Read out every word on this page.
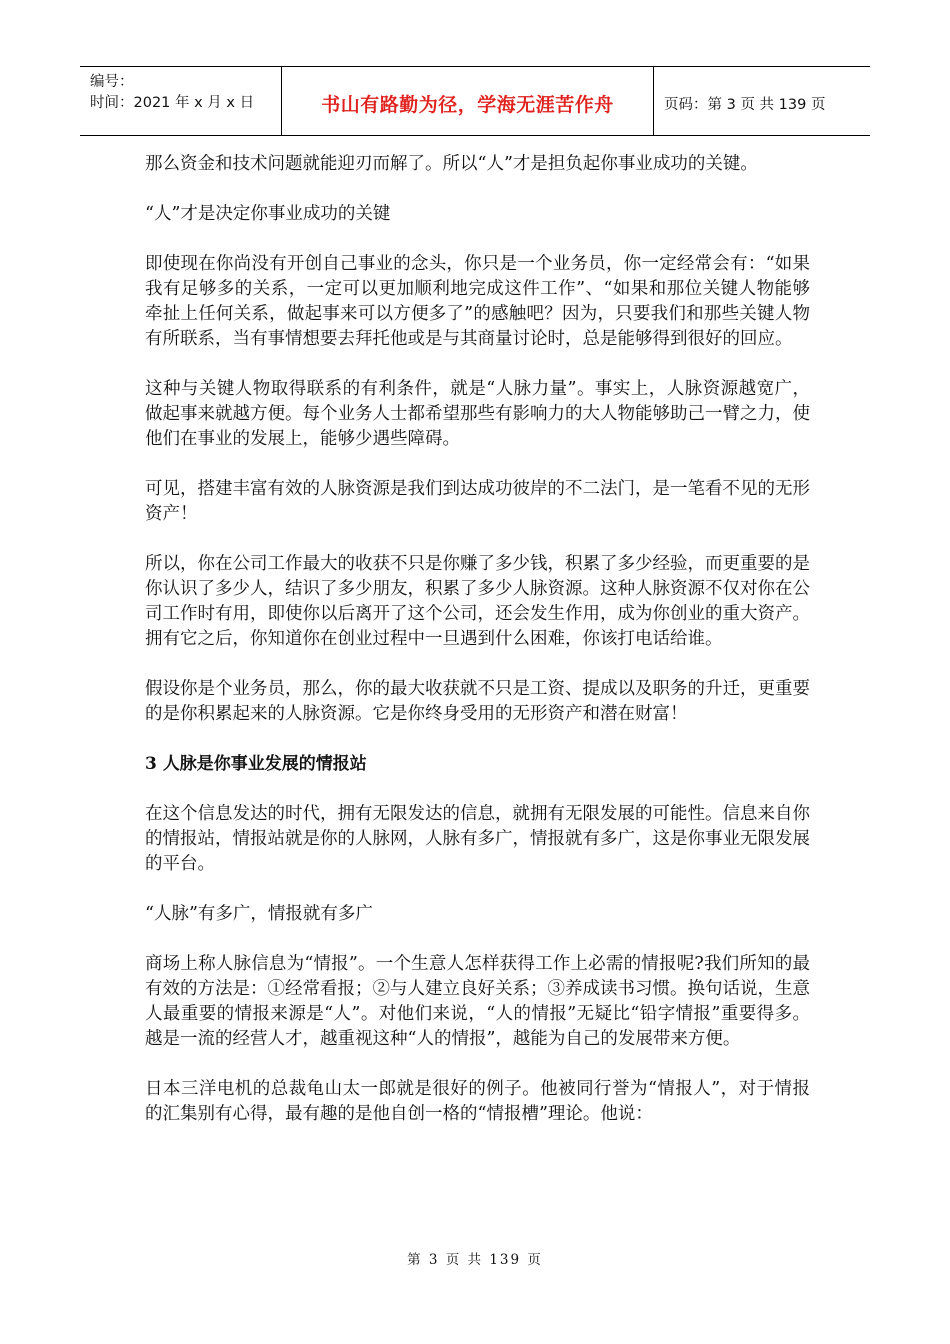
编号：
时间：2021 年 x 月 x 日	书山有路勤为径，学海无涯苦作舟	页码：第 3 页 共 139 页

那么资金和技术问题就能迎刃而解了。所以“人”才是担负起你事业成功的关键。

“人”才是决定你事业成功的关键

即使现在你尚没有开创自己事业的念头，你只是一个业务员，你一定经常会有：“如果我有足够多的关系，一定可以更加顺利地完成这件工作”、“如果和那位关键人物能够牵扯上任何关系，做起事来可以方便多了”的感触吧？因为，只要我们和那些关键人物有所联系，当有事情想要去拜托他或是与其商量讨论时，总是能够得到很好的回应。

这种与关键人物取得联系的有利条件，就是“人脉力量”。事实上，人脉资源越宽广，做起事来就越方便。每个业务人士都希望那些有影响力的大人物能够助己一臂之力，使他们在事业的发展上，能够少遇些障碍。

可见，搭建丰富有效的人脉资源是我们到达成功彼岸的不二法门，是一笔看不见的无形资产！

所以，你在公司工作最大的收获不只是你赚了多少钱，积累了多少经验，而更重要的是你认识了多少人，结识了多少朋友，积累了多少人脉资源。这种人脉资源不仅对你在公司工作时有用，即使你以后离开了这个公司，还会发生作用，成为你创业的重大资产。拥有它之后，你知道你在创业过程中一旦遇到什么困难，你该打电话给谁。

假设你是个业务员，那么，你的最大收获就不只是工资、提成以及职务的升迁，更重要的是你积累起来的人脉资源。它是你终身受用的无形资产和潜在财富！

3 人脉是你事业发展的情报站

在这个信息发达的时代，拥有无限发达的信息，就拥有无限发展的可能性。信息来自你的情报站，情报站就是你的人脉网，人脉有多广，情报就有多广，这是你事业无限发展的平台。

“人脉”有多广，情报就有多广

商场上称人脉信息为“情报”。一个生意人怎样获得工作上必需的情报呢?我们所知的最有效的方法是：①经常看报；②与人建立良好关系；③养成读书习惯。换句话说，生意人最重要的情报来源是“人”。对他们来说，“人的情报”无疑比“铅字情报”重要得多。越是一流的经营人才，越重视这种“人的情报”，越能为自己的发展带来方便。

日本三洋电机的总裁龟山太一郎就是很好的例子。他被同行誉为“情报人”，对于情报的汇集别有心得，最有趣的是他自创一格的“情报槽”理论。他说：

第 3 页 共 139 页
